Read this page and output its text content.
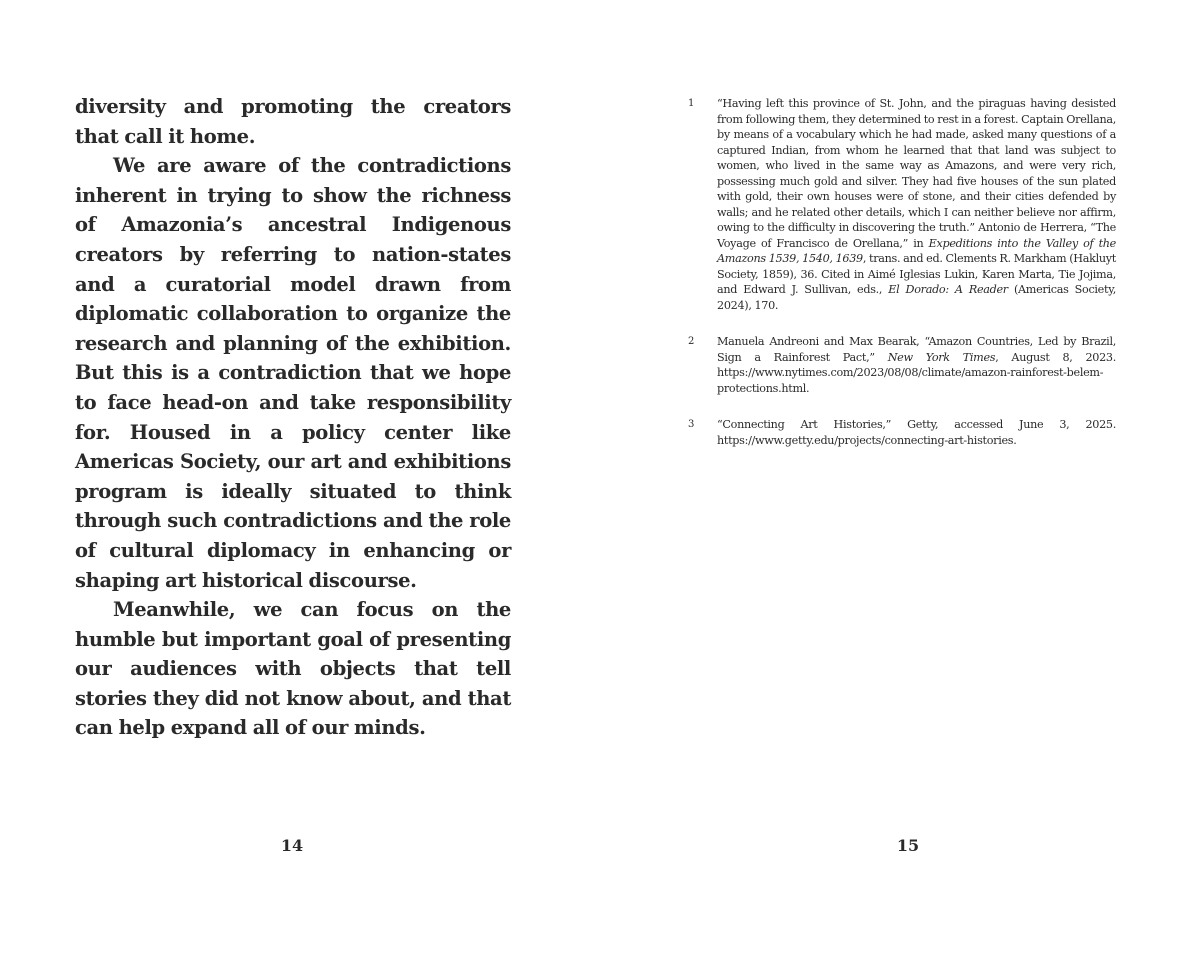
diversity and promoting the creators that call it home.

We are aware of the contradictions inherent in trying to show the richness of Amazonia’s ancestral Indigenous creators by referring to nation-states and a curatorial model drawn from diplomatic collaboration to organize the research and planning of the exhibition. But this is a contradiction that we hope to face head-on and take responsibility for. Housed in a policy center like Americas Society, our art and exhibitions program is ideally situated to think through such contradictions and the role of cultural diplomacy in enhancing or shaping art historical discourse.

Meanwhile, we can focus on the humble but important goal of presenting our audiences with objects that tell stories they did not know about, and that can help expand all of our minds.

14
1 “Having left this province of St. John, and the piraguas having desisted from following them, they determined to rest in a forest. Captain Orellana, by means of a vocabulary which he had made, asked many questions of a captured Indian, from whom he learned that that land was subject to women, who lived in the same way as Amazons, and were very rich, possessing much gold and silver. They had five houses of the sun plated with gold, their own houses were of stone, and their cities defended by walls; and he related other details, which I can neither believe nor affirm, owing to the difficulty in discovering the truth.” Antonio de Herrera, “The Voyage of Francisco de Orellana,” in Expeditions into the Valley of the Amazons 1539, 1540, 1639, trans. and ed. Clements R. Markham (Hakluyt Society, 1859), 36. Cited in Aimé Iglesias Lukin, Karen Marta, Tie Jojima, and Edward J. Sullivan, eds., El Dorado: A Reader (Americas Society, 2024), 170.
2 Manuela Andreoni and Max Bearak, “Amazon Countries, Led by Brazil, Sign a Rainforest Pact,” New York Times, August 8, 2023. https://www.nytimes.com/2023/08/08/climate/amazon-rainforest-belem-protections.html.
3 “Connecting Art Histories,” Getty, accessed June 3, 2025. https://www.getty.edu/projects/connecting-art-histories.
15
